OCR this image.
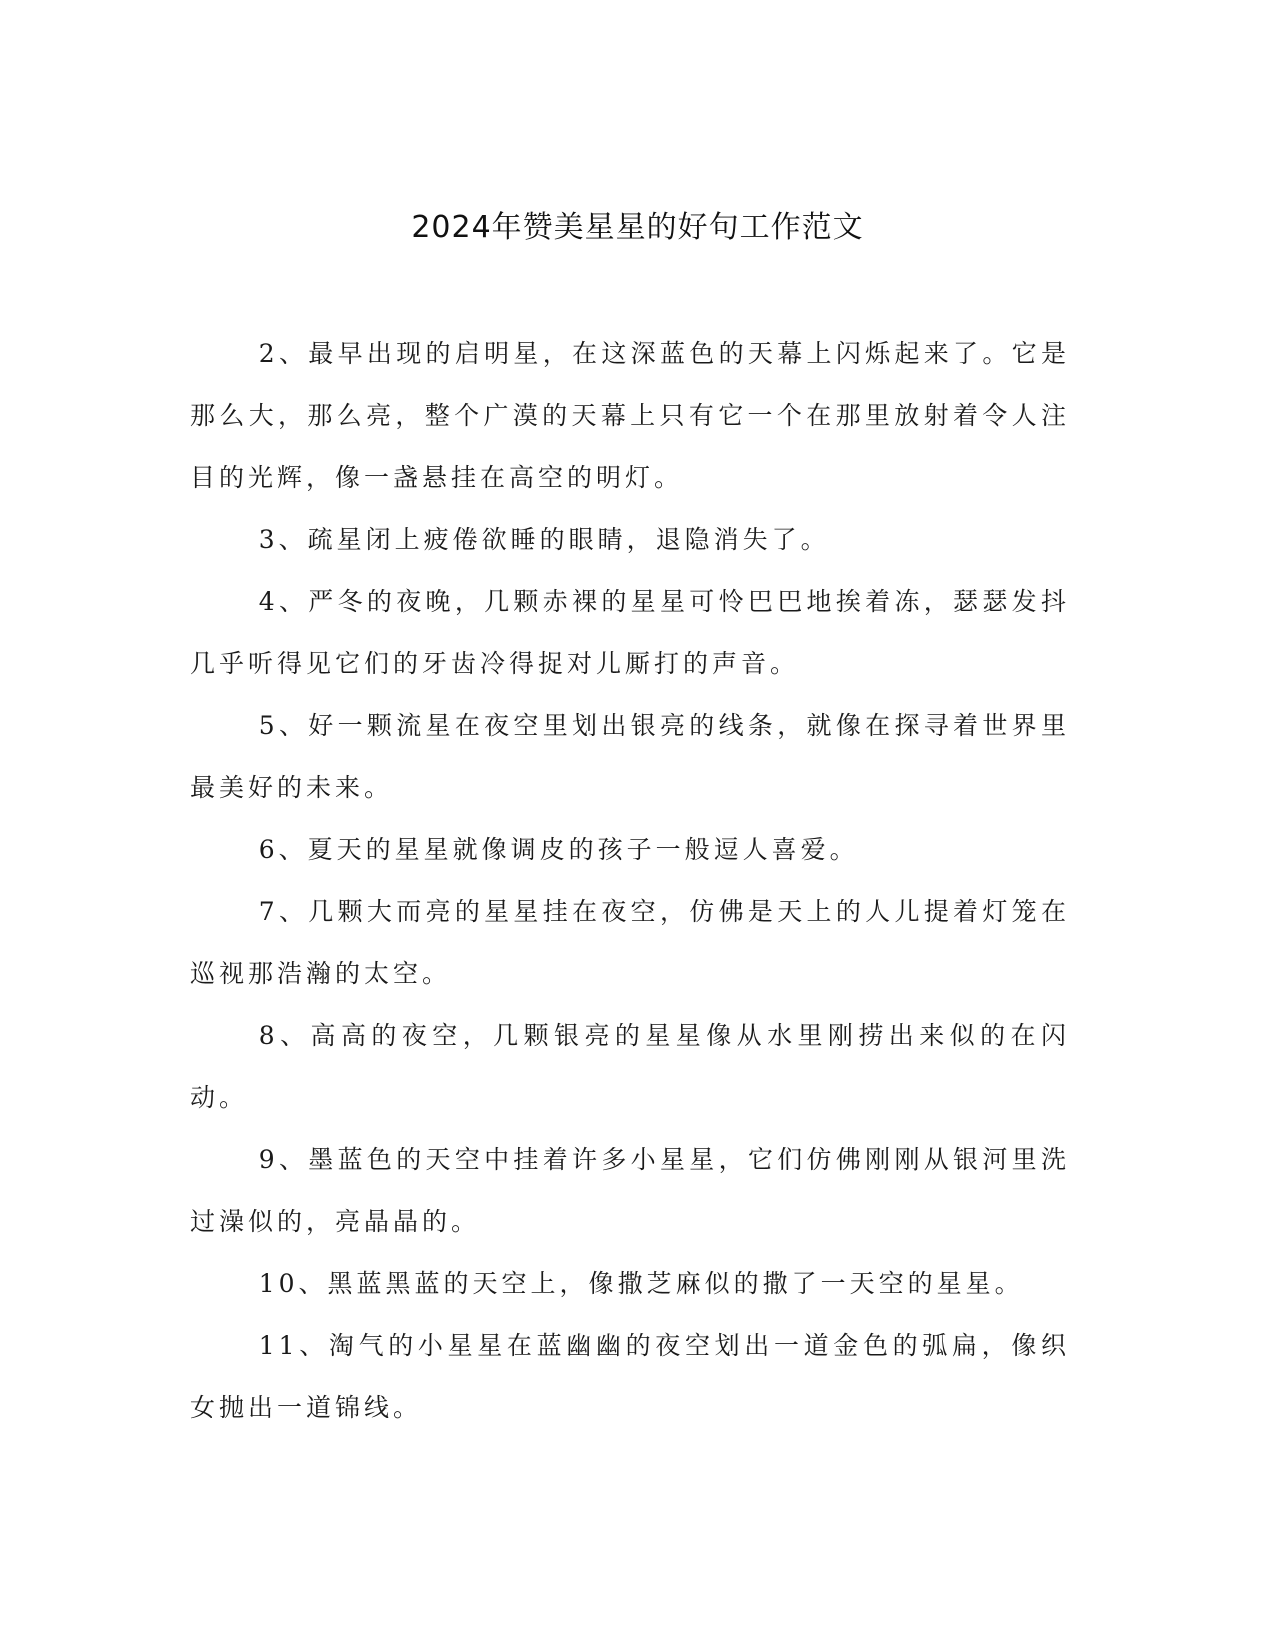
2024年赞美星星的好句工作范文

2、最早出现的启明星，在这深蓝色的天幕上闪烁起来了。它是那么大，那么亮，整个广漠的天幕上只有它一个在那里放射着令人注目的光辉，像一盏悬挂在高空的明灯。

3、疏星闭上疲倦欲睡的眼睛，退隐消失了。

4、严冬的夜晚，几颗赤裸的星星可怜巴巴地挨着冻，瑟瑟发抖几乎听得见它们的牙齿冷得捉对儿厮打的声音。

5、好一颗流星在夜空里划出银亮的线条，就像在探寻着世界里最美好的未来。

6、夏天的星星就像调皮的孩子一般逗人喜爱。

7、几颗大而亮的星星挂在夜空，仿佛是天上的人儿提着灯笼在巡视那浩瀚的太空。

8、高高的夜空，几颗银亮的星星像从水里刚捞出来似的在闪动。

9、墨蓝色的天空中挂着许多小星星，它们仿佛刚刚从银河里洗过澡似的，亮晶晶的。

10、黑蓝黑蓝的天空上，像撒芝麻似的撒了一天空的星星。

11、淘气的小星星在蓝幽幽的夜空划出一道金色的弧扁，像织女抛出一道锦线。
